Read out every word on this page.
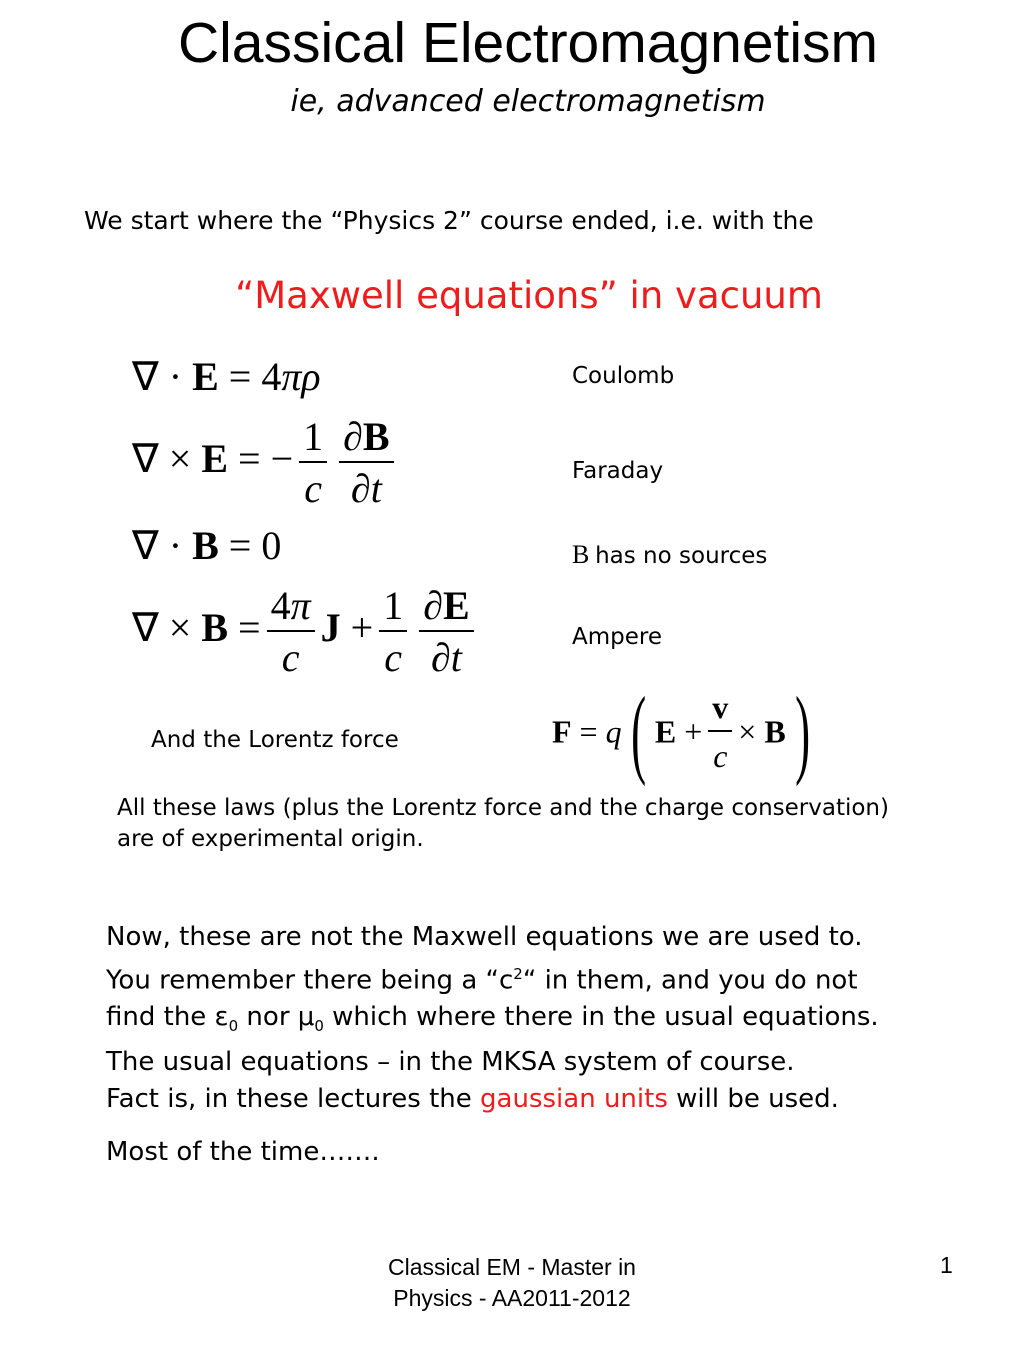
Classical Electromagnetism
ie, advanced electromagnetism
We start where the “Physics 2” course ended, i.e. with the
“Maxwell equations” in vacuum
∇ · E = 4πρ	Coulomb
∇ × E = − $\frac{1}{c} \frac{\partial B}{\partial t}$	Faraday
∇ · B = 0	B has no sources
∇ × $B = \frac{4\pi}{c}$ $J + \frac{1}{c} \frac{\partial E}{\partial t}$	Ampere
And the Lorentz force	F = q( $E + \frac{v}{c} \times B$)
All these laws (plus the Lorentz force and the charge conservation)
are of experimental origin.
Now, these are not the Maxwell equations we are used to.
You remember there being a “$c^2“$ in them, and you do not
find the $\varepsilon_0$ nor $\mu_0$ which where there in the usual equations.
The usual equations – in the MKSA system of course.
Fact is, in these lectures the gaussian units will be used.
Most of the time…….
Classical EM - Master in
Physics - AA2011-2012
1
